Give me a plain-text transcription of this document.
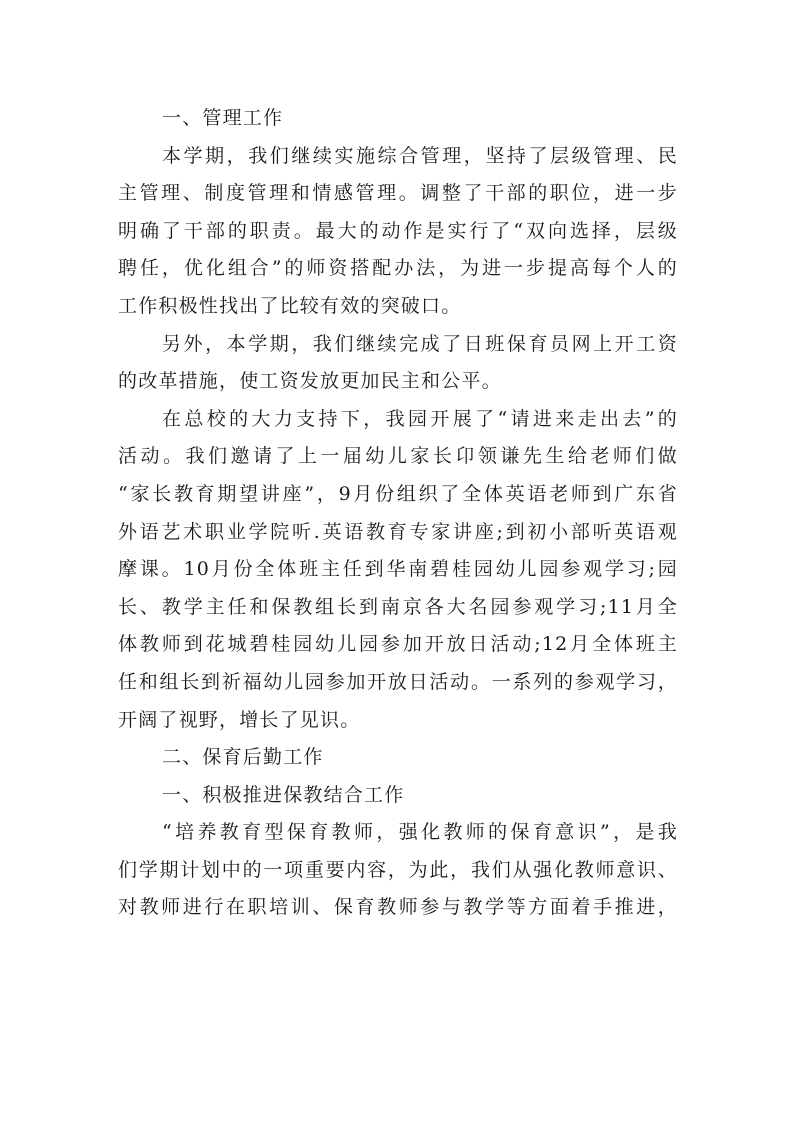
一、管理工作
本学期，我们继续实施综合管理，坚持了层级管理、民
主管理、制度管理和情感管理。调整了干部的职位，进一步
明确了干部的职责。最大的动作是实行了“双向选择，层级
聘任，优化组合”的师资搭配办法，为进一步提高每个人的
工作积极性找出了比较有效的突破口。
另外，本学期，我们继续完成了日班保育员网上开工资
的改革措施，使工资发放更加民主和公平。
在总校的大力支持下，我园开展了“请进来走出去”的
活动。我们邀请了上一届幼儿家长卬领谦先生给老师们做
“家长教育期望讲座”，9月份组织了全体英语老师到广东省
外语艺术职业学院听.英语教育专家讲座;到初小部听英语观
摩课。10月份全体班主任到华南碧桂园幼儿园参观学习;园
长、教学主任和保教组长到南京各大名园参观学习;11月全
体教师到花城碧桂园幼儿园参加开放日活动;12月全体班主
任和组长到祈福幼儿园参加开放日活动。一系列的参观学习，
开阔了视野，增长了见识。
二、保育后勤工作
一、积极推进保教结合工作
“培养教育型保育教师，强化教师的保育意识”，是我
们学期计划中的一项重要内容，为此，我们从强化教师意识、
对教师进行在职培训、保育教师参与教学等方面着手推进，
